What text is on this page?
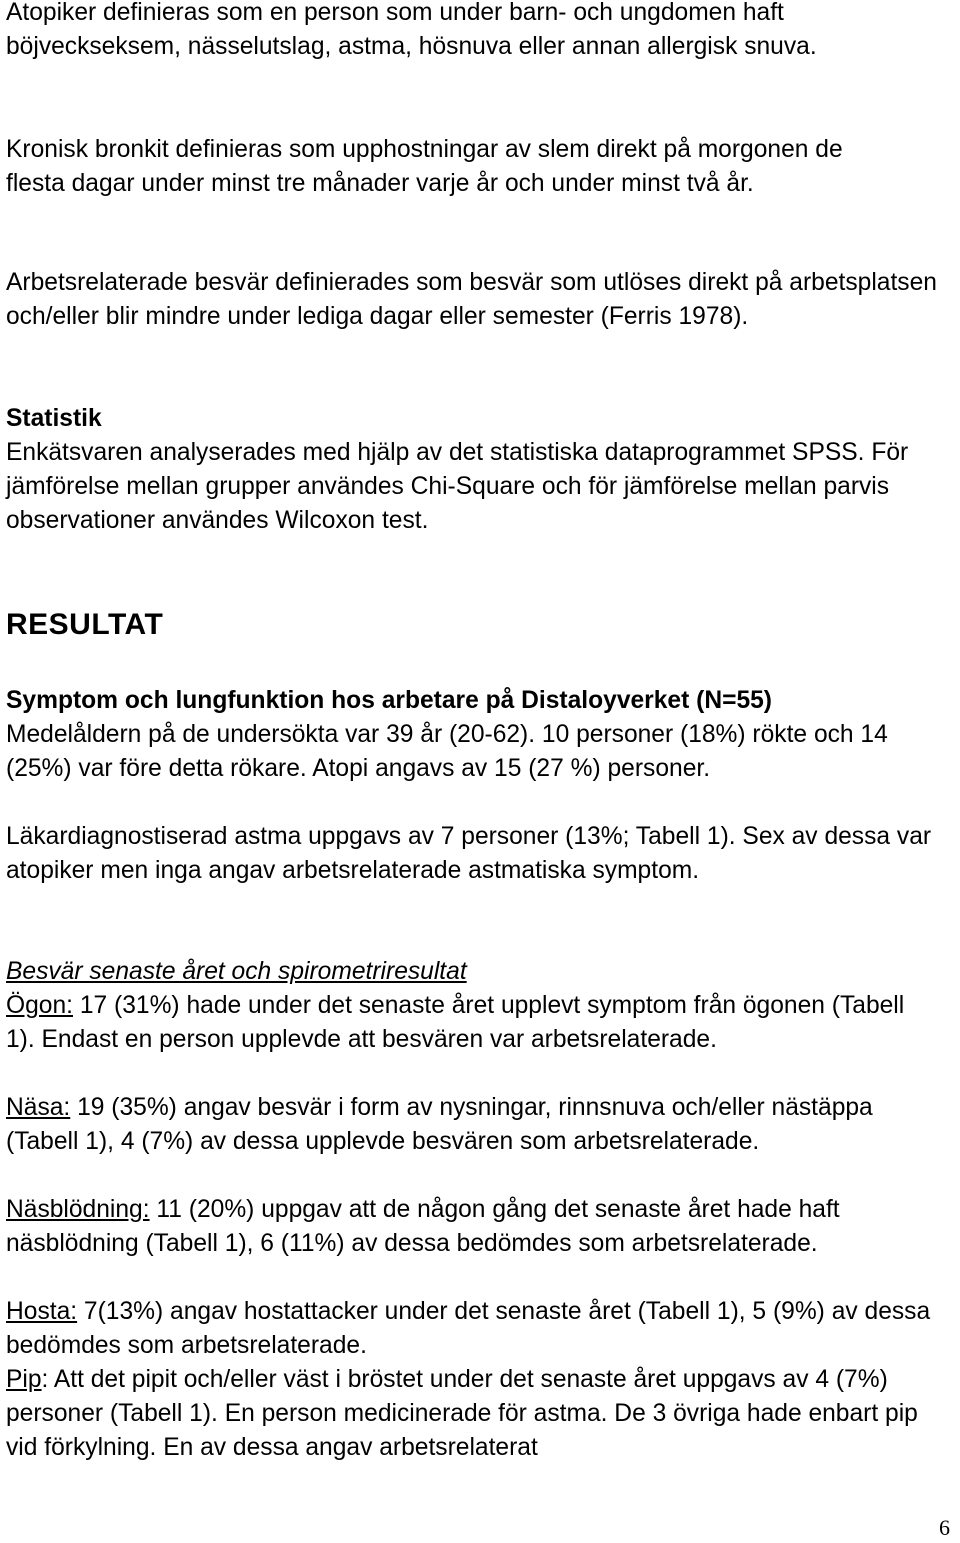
Atopiker definieras som en person som under barn- och ungdomen haft böjveckseksem, nässelutslag, astma, hösnuva eller annan allergisk snuva.

Kronisk bronkit definieras som upphostningar av slem direkt på morgonen de flesta dagar under minst tre månader varje år och under minst två år.

Arbetsrelaterade besvär definierades som besvär som utlöses direkt på arbetsplatsen och/eller blir mindre under lediga dagar eller semester (Ferris 1978).

Statistik

Enkätsvaren analyserades med hjälp av det statistiska dataprogrammet SPSS. För jämförelse mellan grupper användes Chi-Square och för jämförelse mellan parvis observationer användes Wilcoxon test.

RESULTAT

Symptom och lungfunktion hos arbetare på Distaloyverket (N=55)

Medelåldern på de undersökta var 39 år (20-62). 10 personer (18%) rökte och 14 (25%) var före detta rökare. Atopi angavs av 15 (27 %) personer.

Läkardiagnostiserad astma uppgavs av 7 personer (13%; Tabell 1). Sex av dessa var atopiker men inga angav arbetsrelaterade astmatiska symptom.

Besvär senaste året och spirometriresultat

Ögon: 17 (31%) hade under det senaste året upplevt symptom från ögonen (Tabell 1). Endast en person upplevde att besvären var arbetsrelaterade.

Näsa: 19 (35%) angav besvär i form av nysningar, rinnsnuva och/eller nästäppa (Tabell 1), 4 (7%) av dessa upplevde besvären som arbetsrelaterade.

Näsblödning: 11 (20%) uppgav att de någon gång det senaste året hade haft näsblödning (Tabell 1), 6 (11%) av dessa bedömdes som arbetsrelaterade.

Hosta: 7(13%) angav hostattacker under det senaste året (Tabell 1), 5 (9%) av dessa bedömdes som arbetsrelaterade.

Pip: Att det pipit och/eller väst i bröstet under det senaste året uppgavs av 4 (7%) personer (Tabell 1). En person medicinerade för astma. De 3 övriga hade enbart pip vid förkylning. En av dessa angav arbetsrelaterat

6
